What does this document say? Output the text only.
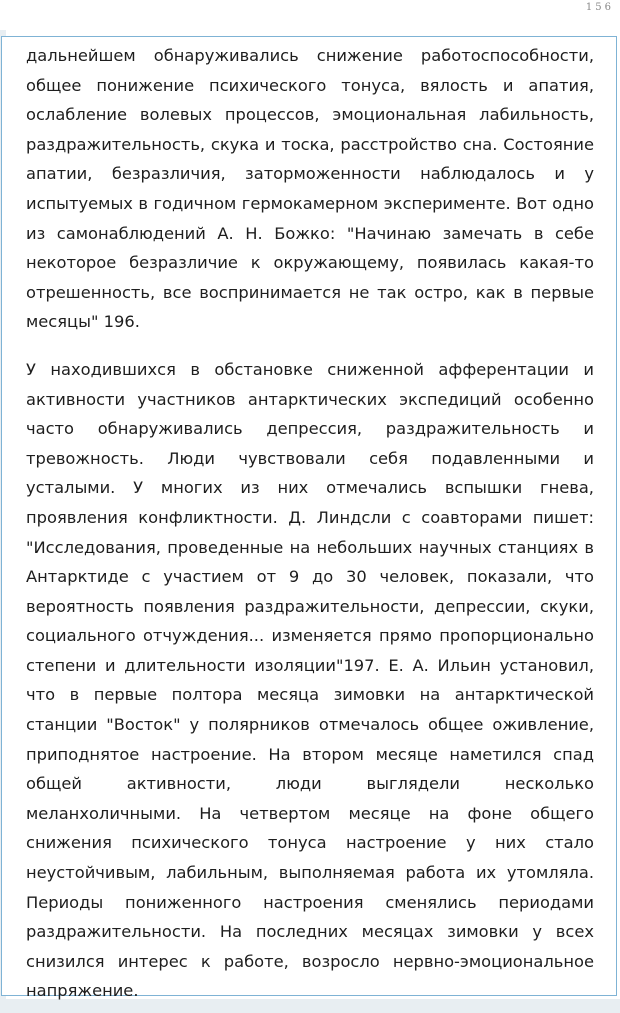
156

дальнейшем обнаруживались снижение работоспособности, общее понижение психического тонуса, вялость и апатия, ослабление волевых процессов, эмоциональная лабильность, раздражительность, скука и тоска, расстройство сна. Состояние апатии, безразличия, заторможенности наблюдалось и у испытуемых в годичном гермокамерном эксперименте. Вот одно из самонаблюдений А. Н. Божко: "Начинаю замечать в себе некоторое безразличие к окружающему, появилась какая-то отрешенность, все воспринимается не так остро, как в первые месяцы" 196.

У находившихся в обстановке сниженной афферентации и активности участников антарктических экспедиций особенно часто обнаруживались депрессия, раздражительность и тревожность. Люди чувствовали себя подавленными и усталыми. У многих из них отмечались вспышки гнева, проявления конфликтности. Д. Линдсли с соавторами пишет: "Исследования, проведенные на небольших научных станциях в Антарктиде с участием от 9 до 30 человек, показали, что вероятность появления раздражительности, депрессии, скуки, социального отчуждения... изменяется прямо пропорционально степени и длительности изоляции"197. Е. А. Ильин установил, что в первые полтора месяца зимовки на антарктической станции "Восток" у полярников отмечалось общее оживление, приподнятое настроение. На втором месяце наметился спад общей активности, люди выглядели несколько меланхоличными. На четвертом месяце на фоне общего снижения психического тонуса настроение у них стало неустойчивым, лабильным, выполняемая работа их утомляла. Периоды пониженного настроения сменялись периодами раздражительности. На последних месяцах зимовки у всех снизился интерес к работе, возросло нервно-эмоциональное напряжение.
